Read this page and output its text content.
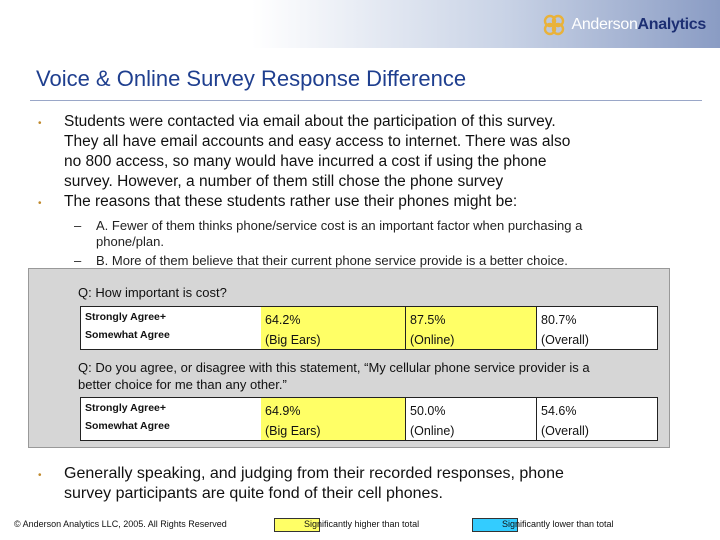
AndersonAnalytics
Voice & Online Survey Response Difference
• Students were contacted via email about the participation of this survey.
They all have email accounts and easy access to internet. There was also
no 800 access, so many would have incurred a cost if using the phone
survey. However, a number of them still chose the phone survey
• The reasons that these students rather use their phones might be:
– A. Fewer of them thinks phone/service cost is an important factor when purchasing a
phone/plan.
– B. More of them believe that their current phone service provide is a better choice.
Q: How important is cost?
Strongly Agree+
Somewhat Agree
64.2%
(Big Ears)
87.5%
(Online)
80.7%
(Overall)
Q: Do you agree, or disagree with this statement, “My cellular phone service provider is a
better choice for me than any other.”
Strongly Agree+
Somewhat Agree
64.9%
(Big Ears)
50.0%
(Online)
54.6%
(Overall)
• Generally speaking, and judging from their recorded responses, phone
survey participants are quite fond of their cell phones.
© Anderson Analytics LLC, 2005. All Rights Reserved	Significantly higher than total	Significantly lower than total
